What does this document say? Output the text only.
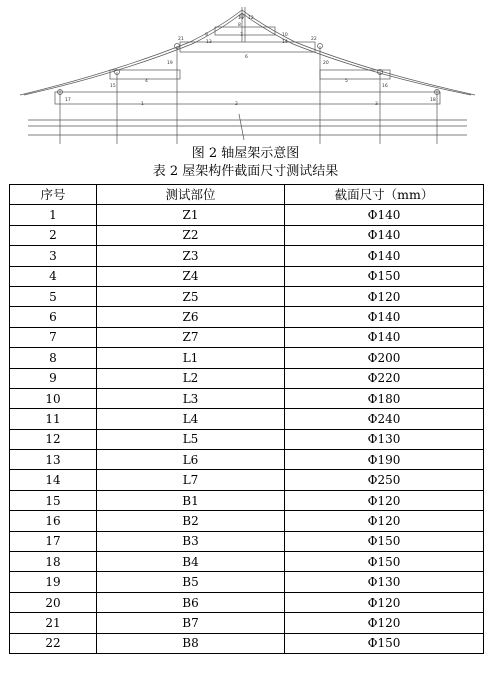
1	2	3
4	5
6
7
8
9	10
11 12
13	14
15	16
17	18
19	20
21	22
图 2 轴屋架示意图
表 2 屋架构件截面尺寸测试结果
序号	测试部位	截面尺寸（mm）
1	Z1	Φ140
2	Z2	Φ140
3	Z3	Φ140
4	Z4	Φ150
5	Z5	Φ120
6	Z6	Φ140
7	Z7	Φ140
8	L1	Φ200
9	L2	Φ220
10	L3	Φ180
11	L4	Φ240
12	L5	Φ130
13	L6	Φ190
14	L7	Φ250
15	B1	Φ120
16	B2	Φ120
17	B3	Φ150
18	B4	Φ150
19	B5	Φ130
20	B6	Φ120
21	B7	Φ120
22	B8	Φ150
